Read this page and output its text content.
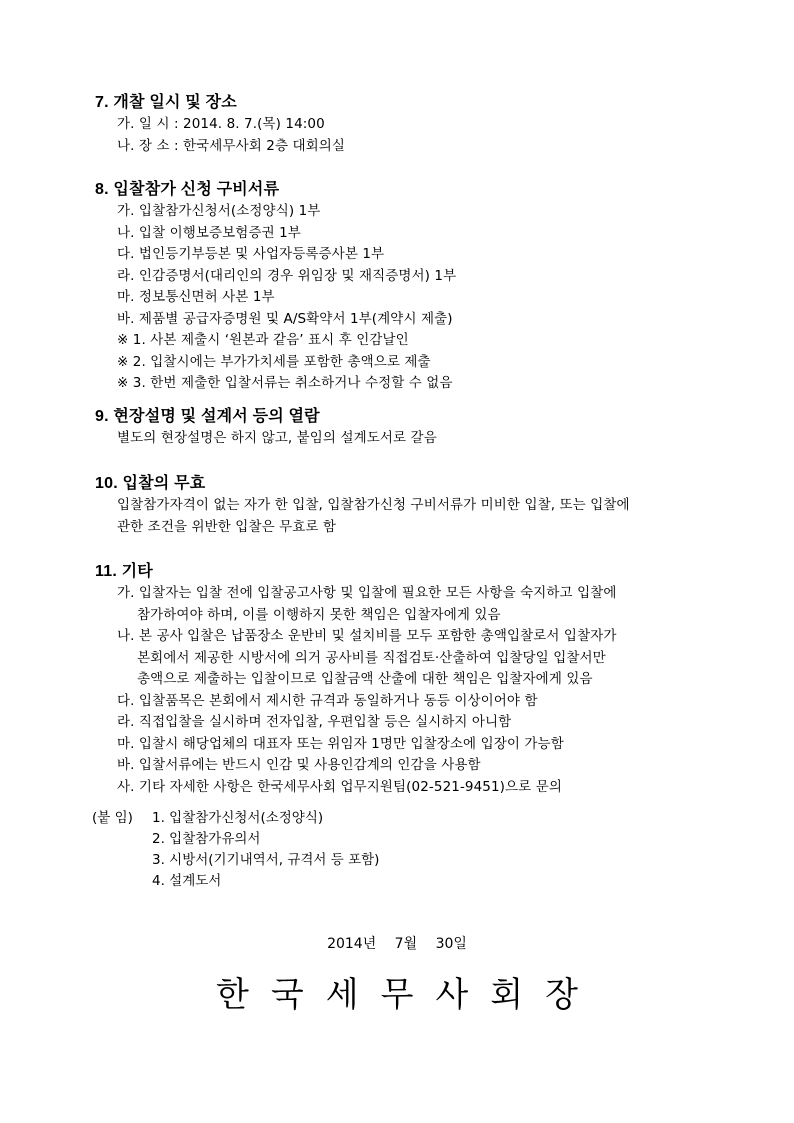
7. 개찰 일시 및 장소
가. 일 시 : 2014. 8. 7.(목) 14:00
나. 장 소 : 한국세무사회 2층 대회의실
8. 입찰참가 신청 구비서류
가. 입찰참가신청서(소정양식) 1부
나. 입찰 이행보증보험증권 1부
다. 법인등기부등본 및 사업자등록증사본 1부
라. 인감증명서(대리인의 경우 위임장 및 재직증명서) 1부
마. 정보통신면허 사본 1부
바. 제품별 공급자증명원 및 A/S확약서 1부(계약시 제출)
※ 1. 사본 제출시 ‘원본과 같음’ 표시 후 인감날인
※ 2. 입찰시에는 부가가치세를 포함한 총액으로 제출
※ 3. 한번 제출한 입찰서류는 취소하거나 수정할 수 없음
9. 현장설명 및 설계서 등의 열람
별도의 현장설명은 하지 않고, 붙임의 설계도서로 갈음
10. 입찰의 무효
입찰참가자격이 없는 자가 한 입찰, 입찰참가신청 구비서류가 미비한 입찰, 또는 입찰에
관한 조건을 위반한 입찰은 무효로 함
11. 기타
가. 입찰자는 입찰 전에 입찰공고사항 및 입찰에 필요한 모든 사항을 숙지하고 입찰에
참가하여야 하며, 이를 이행하지 못한 책임은 입찰자에게 있음
나. 본 공사 입찰은 납품장소 운반비 및 설치비를 모두 포함한 총액입찰로서 입찰자가
본회에서 제공한 시방서에 의거 공사비를 직접검토·산출하여 입찰당일 입찰서만
총액으로 제출하는 입찰이므로 입찰금액 산출에 대한 책임은 입찰자에게 있음
다. 입찰품목은 본회에서 제시한 규격과 동일하거나 동등 이상이어야 함
라. 직접입찰을 실시하며 전자입찰, 우편입찰 등은 실시하지 아니함
마. 입찰시 해당업체의 대표자 또는 위임자 1명만 입찰장소에 입장이 가능함
바. 입찰서류에는 반드시 인감 및 사용인감계의 인감을 사용함
사. 기타 자세한 사항은 한국세무사회 업무지원팀(02-521-9451)으로 문의
(붙 임) 1. 입찰참가신청서(소정양식)
2. 입찰참가유의서
3. 시방서(기기내역서, 규격서 등 포함)
4. 설계도서
2014년 7월 30일
한국세무사회장
